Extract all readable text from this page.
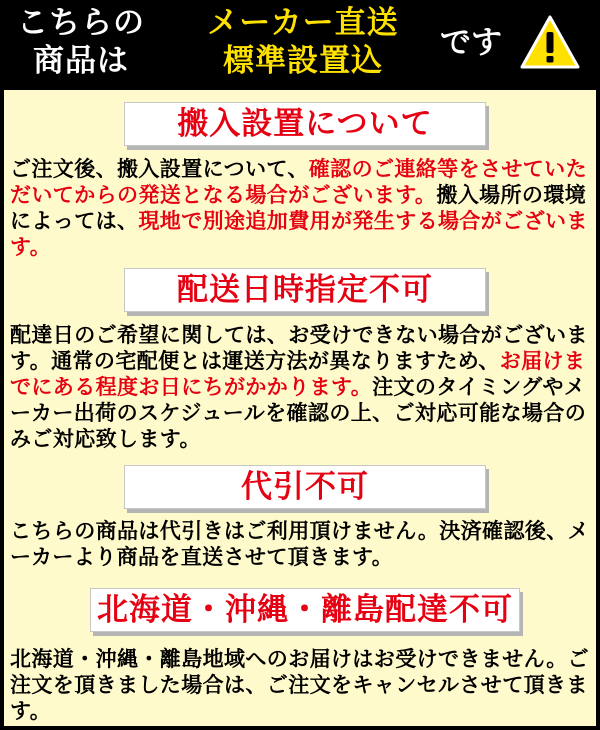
こちらの
商品は
メーカー直送
標準設置込	です
搬入設置について

ご注文後、搬入設置について、確認のご連絡等をさせていただいてからの発送となる場合がございます。搬入場所の環境によっては、現地で別途追加費用が発生する場合がございます。

配送日時指定不可

配達日のご希望に関しては、お受けできない場合がございます。通常の宅配便とは運送方法が異なりますため、お届けまでにある程度お日にちがかかります。注文のタイミングやメーカー出荷のスケジュールを確認の上、ご対応可能な場合のみご対応致します。

代引不可

こちらの商品は代引きはご利用頂けません。決済確認後、メーカーより商品を直送させて頂きます。

北海道・沖縄・離島配達不可

北海道・沖縄・離島地域へのお届けはお受けできません。ご注文を頂きました場合は、ご注文をキャンセルさせて頂きます。
